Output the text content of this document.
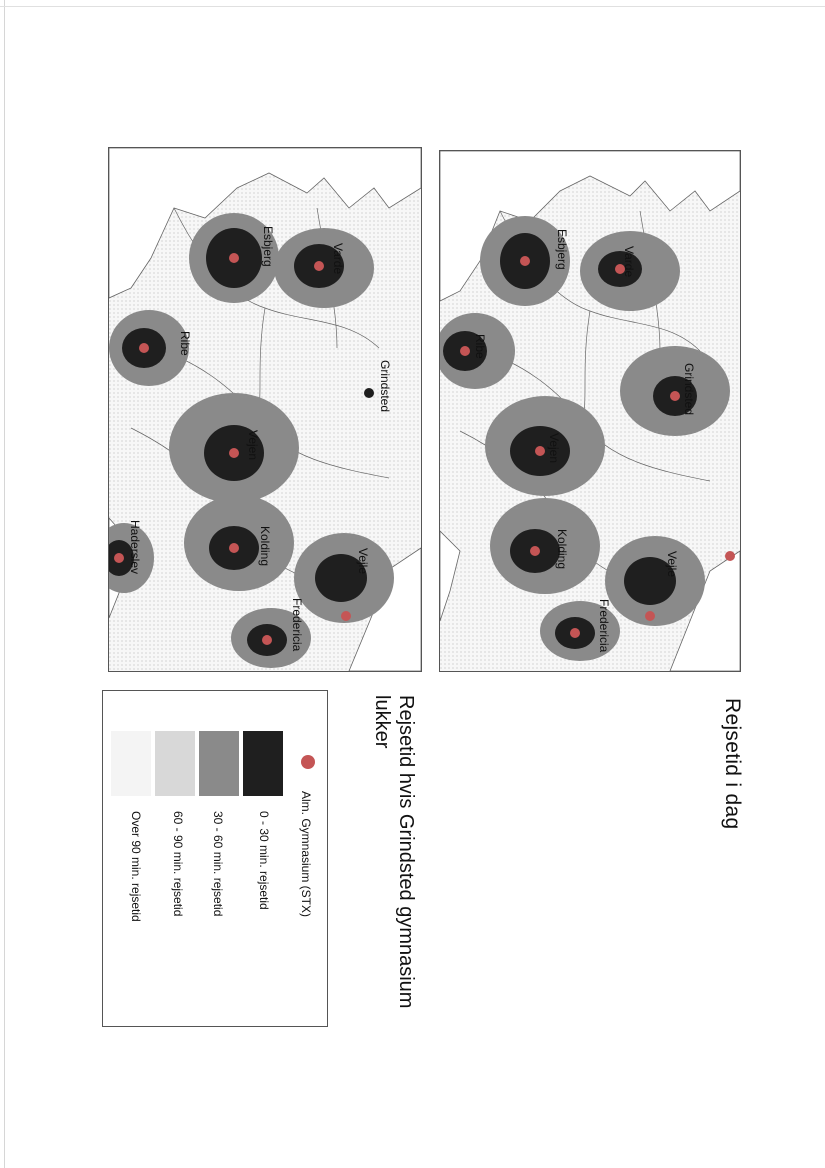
Rejsetid i dag
Rejsetid hvis Grindsted gymnasium lukker
Varde
Esbjerg
Ribe
Grindsted
Vejen
Kolding	Vejle
Fredericia
Varde
Esbjerg
Ribe
Grindsted
Vejen
Kolding
Haderslev	Vejle
Fredericia
Alm. Gymnasium (STX)
0 - 30 min. rejsetid
30 - 60 min. rejsetid
60 - 90 min. rejsetid
Over 90 min. rejsetid
